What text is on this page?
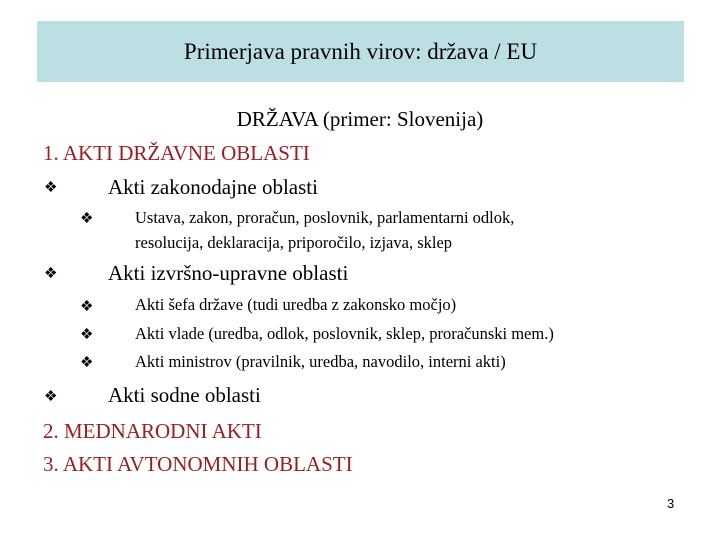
Primerjava pravnih virov: država / EU
DRŽAVA (primer: Slovenija)
1. AKTI DRŽAVNE OBLASTI
❖ Akti zakonodajne oblasti
❖	Ustava, zakon, proračun, poslovnik, parlamentarni odlok,
resolucija, deklaracija, priporočilo, izjava, sklep
❖ Akti izvršno-upravne oblasti
❖	Akti šefa države (tudi uredba z zakonsko močjo)
❖	Akti vlade (uredba, odlok, poslovnik, sklep, proračunski mem.)
❖	Akti ministrov (pravilnik, uredba, navodilo, interni akti)
❖ Akti sodne oblasti
2. MEDNARODNI AKTI
3. AKTI AVTONOMNIH OBLASTI
3
